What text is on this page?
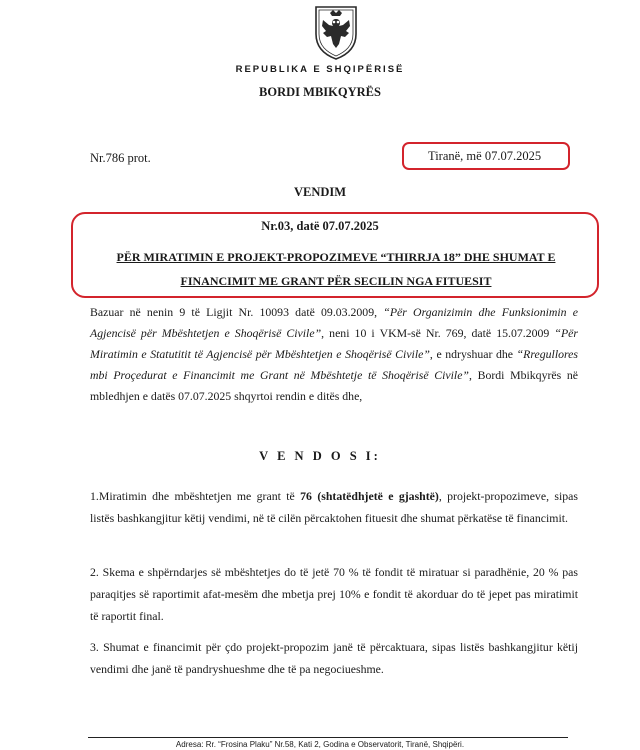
REPUBLIKA E SHQIPËRISË
BORDI MBIKQYRËS
Nr.786 prot.	Tiranë, më 07.07.2025
VENDIM
Nr.03, datë 07.07.2025
PËR MIRATIMIN E PROJEKT-PROPOZIMEVE “THIRRJA 18” DHE SHUMAT E
FINANCIMIT ME GRANT PËR SECILIN NGA FITUESIT
Bazuar në nenin 9 të Ligjit Nr. 10093 datë 09.03.2009, “Për Organizimin dhe Funksionimin e Agjencisë për Mbështetjen e Shoqërisë Civile”, neni 10 i VKM-së Nr. 769, datë 15.07.2009 “Për Miratimin e Statutitit të Agjencisë për Mbështetjen e Shoqërisë Civile”, e ndryshuar dhe “Rregullores mbi Proçedurat e Financimit me Grant në Mbështetje të Shoqërisë Civile”, Bordi Mbikqyrës në mbledhjen e datës 07.07.2025 shqyrtoi rendin e ditës dhe,
V E N D O S I:
1.Miratimin dhe mbështetjen me grant të 76 (shtatëdhjetë e gjashtë), projekt-propozimeve, sipas listës bashkangjitur këtij vendimi, në të cilën përcaktohen fituesit dhe shumat përkatëse të financimit.
2. Skema e shpërndarjes së mbështetjes do të jetë 70 % të fondit të miratuar si paradhënie, 20 % pas paraqitjes së raportimit afat-mesëm dhe mbetja prej 10% e fondit të akorduar do të jepet pas miratimit të raportit final.
3. Shumat e financimit për çdo projekt-propozim janë të përcaktuara, sipas listës bashkangjitur këtij vendimi dhe janë të pandryshueshme dhe të pa negociueshme.
Adresa: Rr. “Frosina Plaku” Nr.58, Kati 2, Godina e Observatorit, Tiranë, Shqipëri.
